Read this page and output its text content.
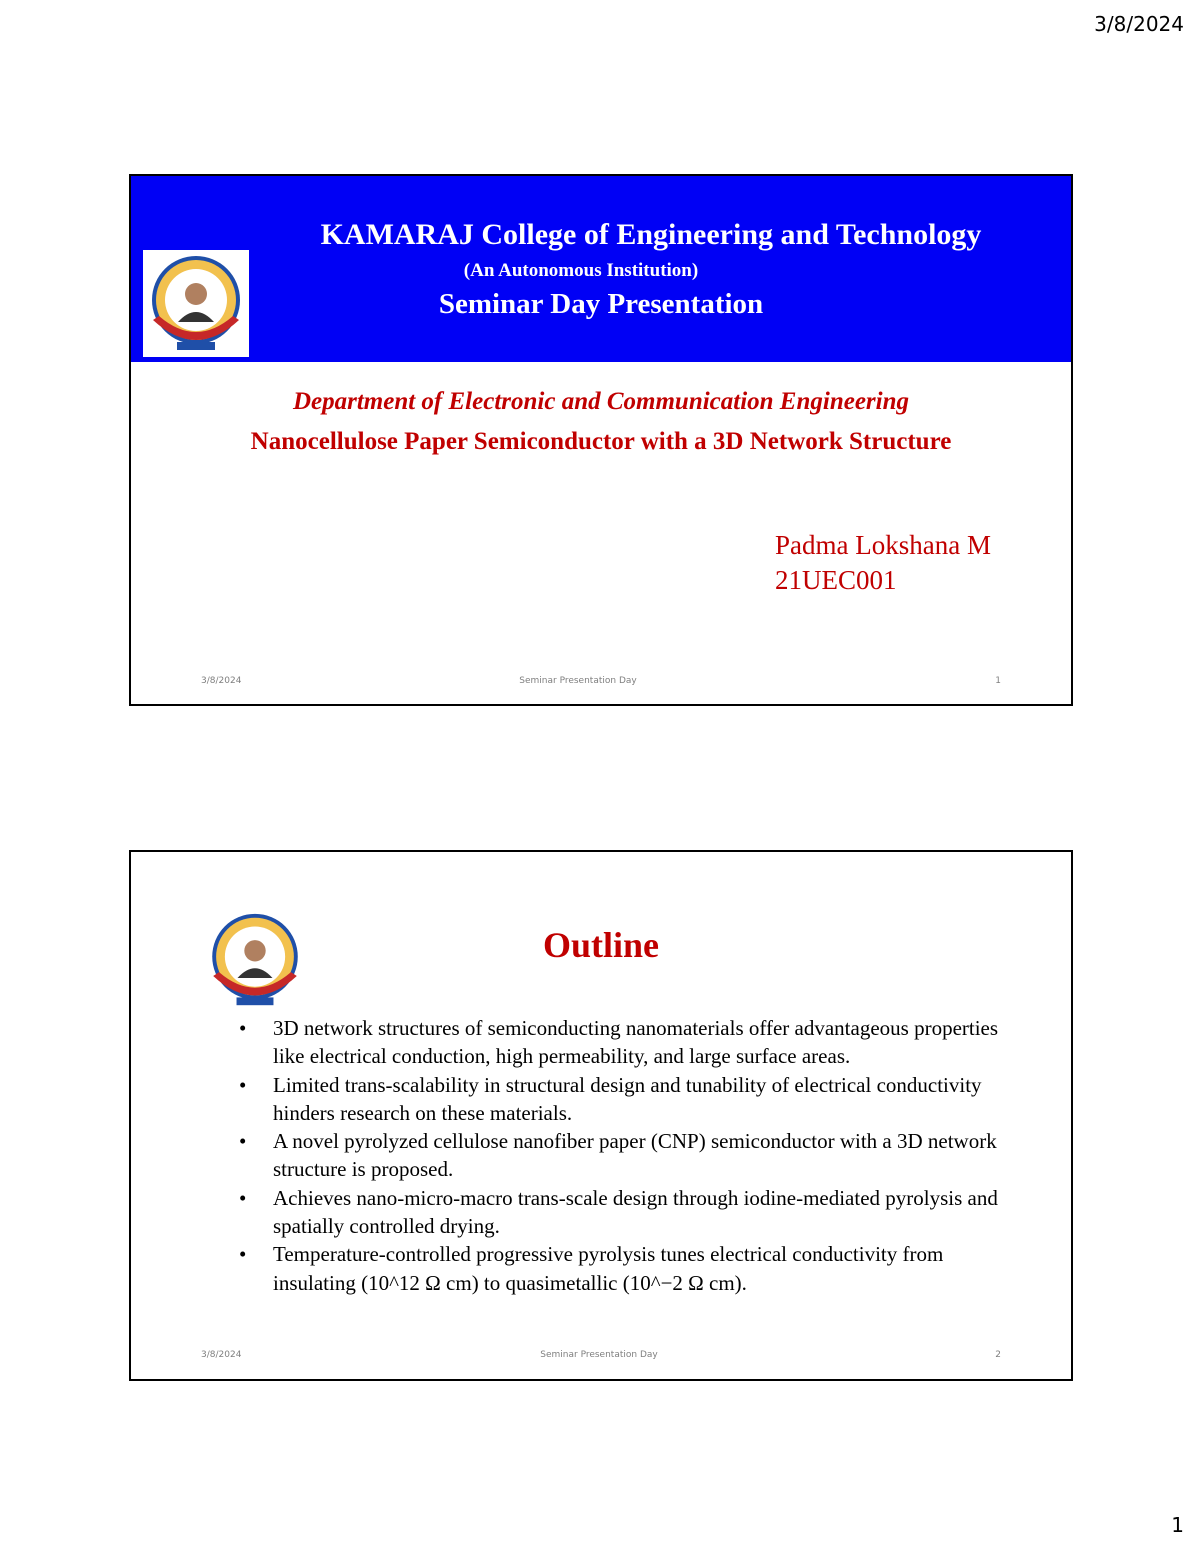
3/8/2024
KAMARAJ College of Engineering and Technology
(An Autonomous Institution)
Seminar Day Presentation
Department of Electronic and Communication Engineering
Nanocellulose Paper Semiconductor with a 3D Network Structure
Padma Lokshana M
21UEC001
3/8/2024	Seminar Presentation Day	1
Outline
• 3D network structures of semiconducting nanomaterials offer advantageous properties like electrical conduction, high permeability, and large surface areas.
• Limited trans-scalability in structural design and tunability of electrical conductivity hinders research on these materials.
• A novel pyrolyzed cellulose nanofiber paper (CNP) semiconductor with a 3D network structure is proposed.
• Achieves nano-micro-macro trans-scale design through iodine-mediated pyrolysis and spatially controlled drying.
• Temperature-controlled progressive pyrolysis tunes electrical conductivity from insulating (10^12 Ω cm) to quasimetallic (10^−2 Ω cm).
3/8/2024	Seminar Presentation Day	2
1
